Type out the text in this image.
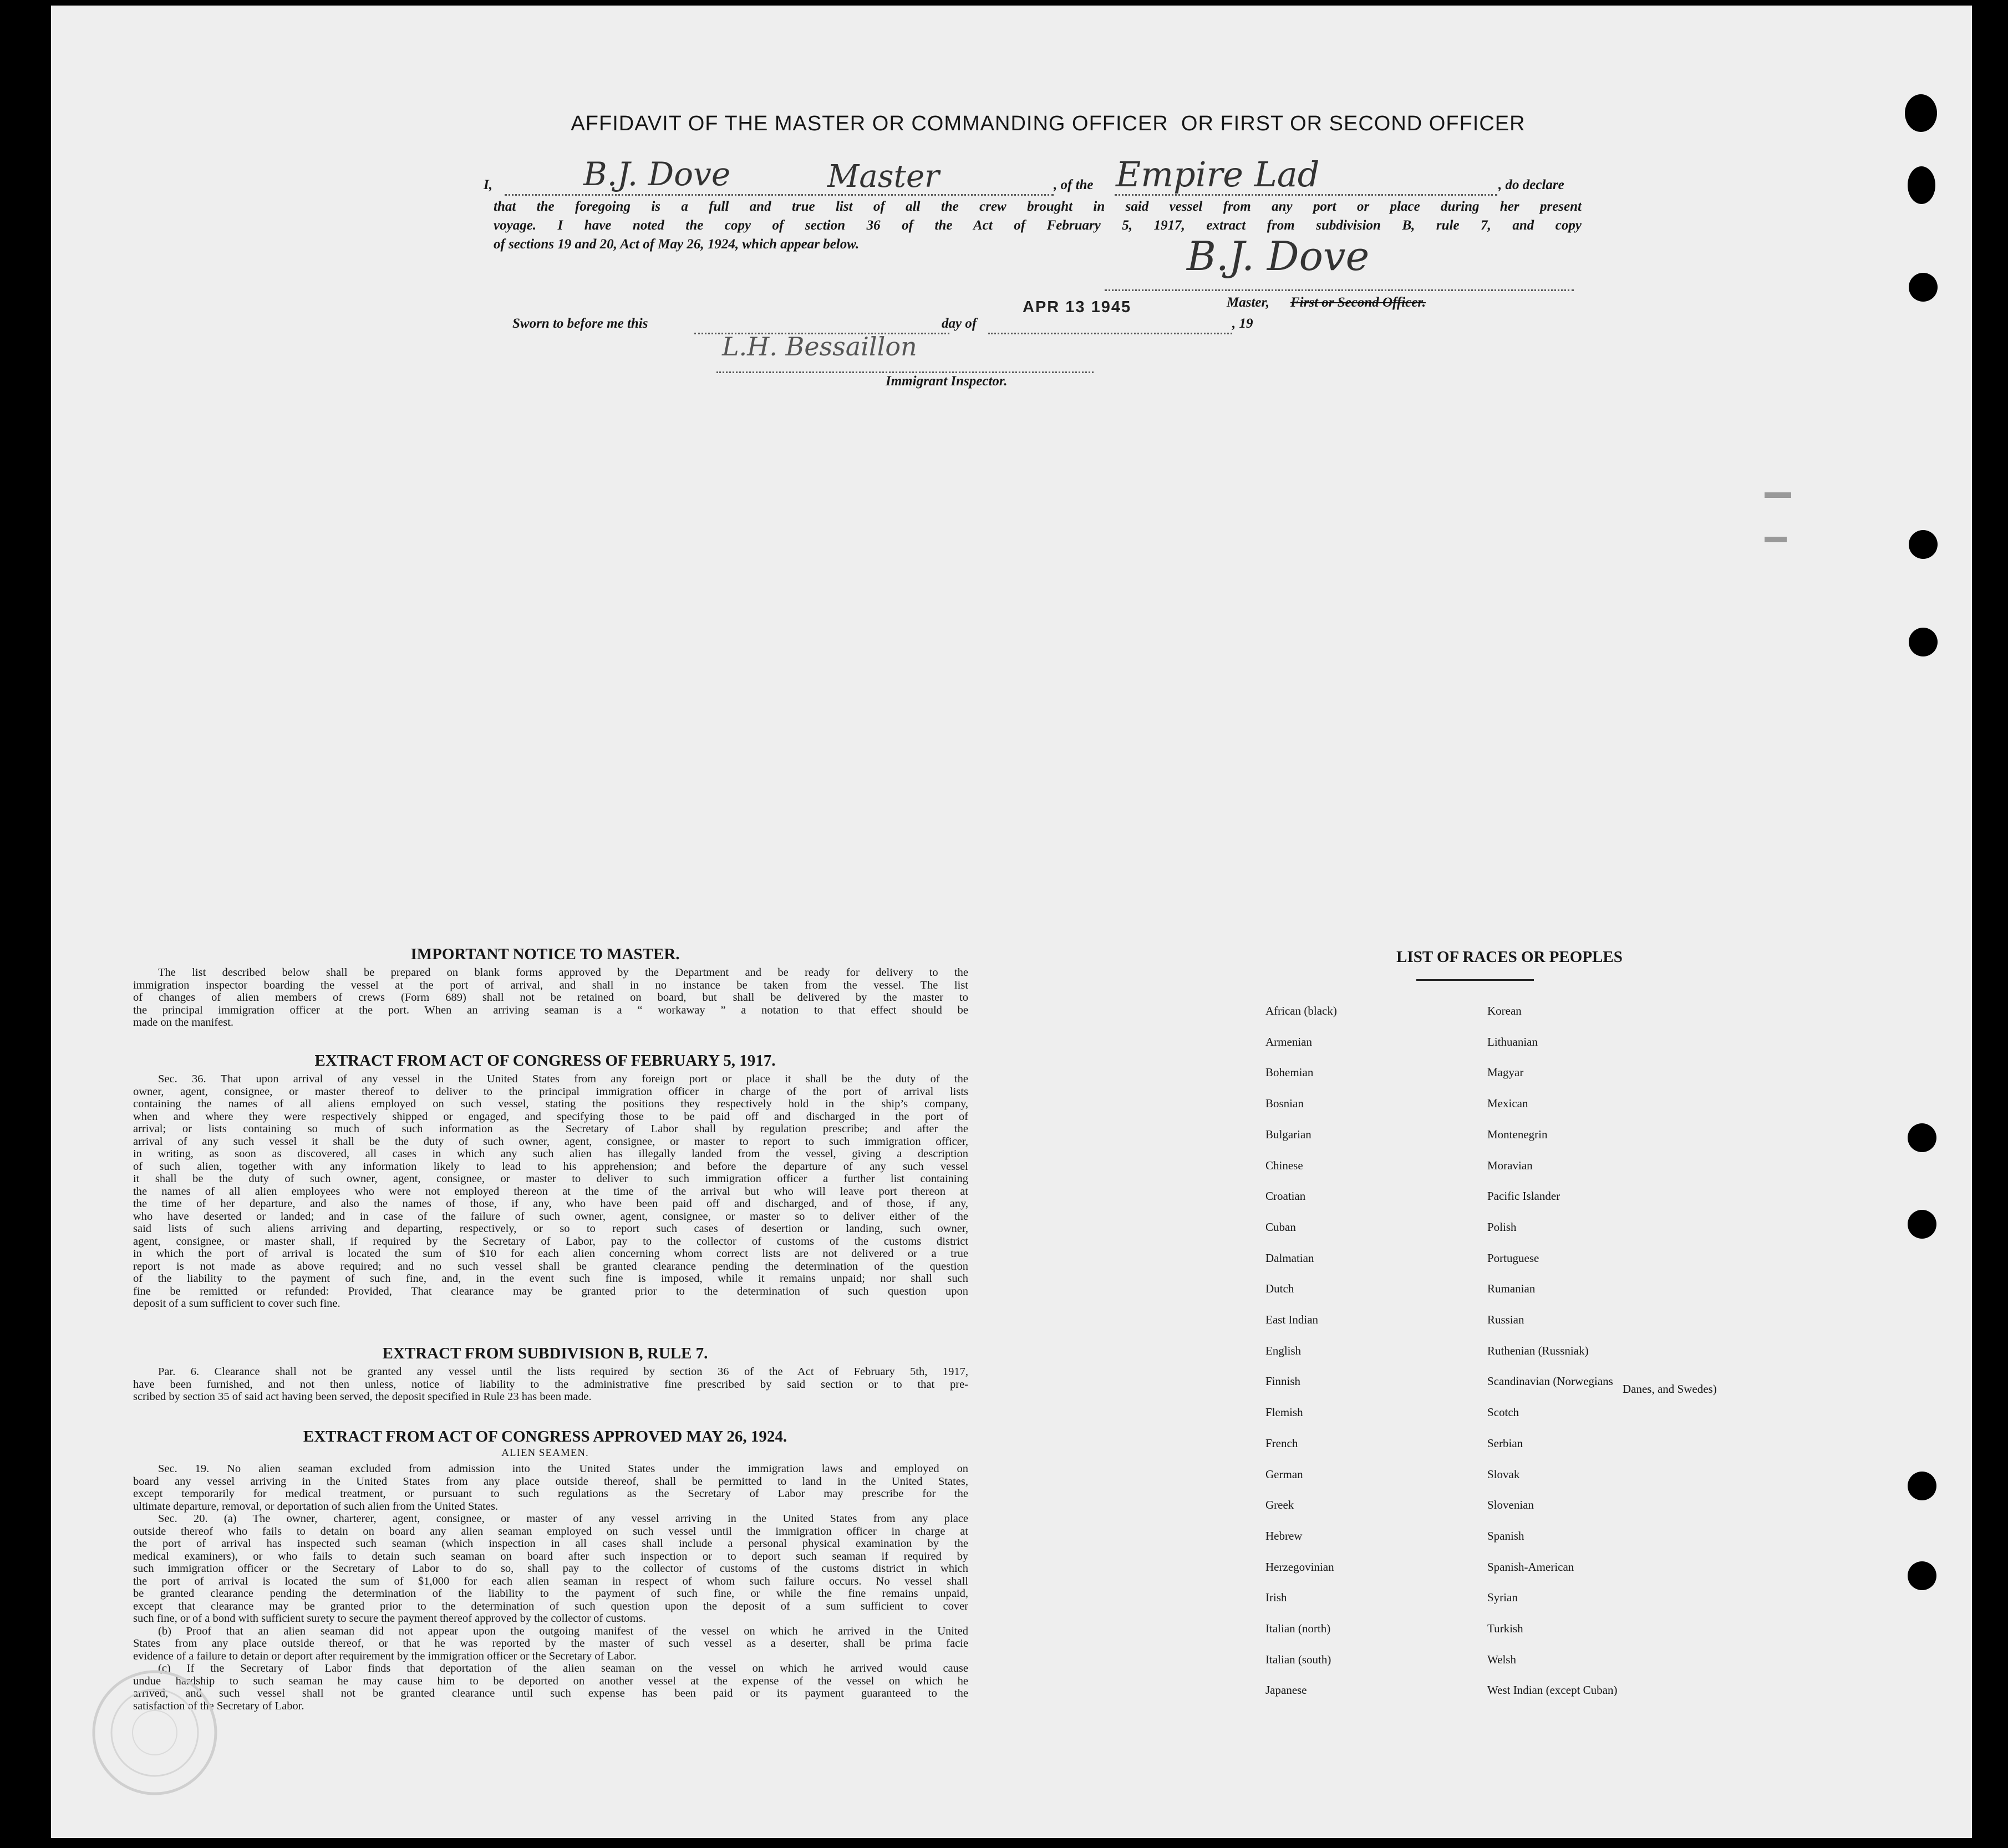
AFFIDAVIT OF THE MASTER OR COMMANDING OFFICER  OR FIRST OR SECOND OFFICER
I,	B.J. Dove	Master	, of the Empire Lad	, do declare
that the foregoing is a full and true list of all the crew brought in said vessel from any port or place during her present
voyage. I have noted the copy of section 36 of the Act of February 5, 1917, extract from subdivision B, rule 7, and copy
of sections 19 and 20, Act of May 26, 1924, which appear below.	B.J. Dove
Master, First or Second Officer.
Sworn to before me this	day of
APR 13 1945
, 19
L.H. Bessaillon
Immigrant Inspector.
IMPORTANT NOTICE TO MASTER.
The list described below shall be prepared on blank forms approved by the Department and be ready for delivery to the
immigration inspector boarding the vessel at the port of arrival, and shall in no instance be taken from the vessel. The list
of changes of alien members of crews (Form 689) shall not be retained on board, but shall be delivered by the master to
the principal immigration officer at the port. When an arriving seaman is a “ workaway ” a notation to that effect should be
made on the manifest.
EXTRACT FROM ACT OF CONGRESS OF FEBRUARY 5, 1917.
Sec. 36. That upon arrival of any vessel in the United States from any foreign port or place it shall be the duty of the
owner, agent, consignee, or master thereof to deliver to the principal immigration officer in charge of the port of arrival lists
containing the names of all aliens employed on such vessel, stating the positions they respectively hold in the ship’s company,
when and where they were respectively shipped or engaged, and specifying those to be paid off and discharged in the port of
arrival; or lists containing so much of such information as the Secretary of Labor shall by regulation prescribe; and after the
arrival of any such vessel it shall be the duty of such owner, agent, consignee, or master to report to such immigration officer,
in writing, as soon as discovered, all cases in which any such alien has illegally landed from the vessel, giving a description
of such alien, together with any information likely to lead to his apprehension; and before the departure of any such vessel
it shall be the duty of such owner, agent, consignee, or master to deliver to such immigration officer a further list containing
the names of all alien employees who were not employed thereon at the time of the arrival but who will leave port thereon at
the time of her departure, and also the names of those, if any, who have been paid off and discharged, and of those, if any,
who have deserted or landed; and in case of the failure of such owner, agent, consignee, or master so to deliver either of the
said lists of such aliens arriving and departing, respectively, or so to report such cases of desertion or landing, such owner,
agent, consignee, or master shall, if required by the Secretary of Labor, pay to the collector of customs of the customs district
in which the port of arrival is located the sum of $10 for each alien concerning whom correct lists are not delivered or a true
report is not made as above required; and no such vessel shall be granted clearance pending the determination of the question
of the liability to the payment of such fine, and, in the event such fine is imposed, while it remains unpaid; nor shall such
fine be remitted or refunded: Provided, That clearance may be granted prior to the determination of such question upon
deposit of a sum sufficient to cover such fine.
EXTRACT FROM SUBDIVISION B, RULE 7.
Par. 6. Clearance shall not be granted any vessel until the lists required by section 36 of the Act of February 5th, 1917,
have been furnished, and not then unless, notice of liability to the administrative fine prescribed by said section or to that pre-
scribed by section 35 of said act having been served, the deposit specified in Rule 23 has been made.
EXTRACT FROM ACT OF CONGRESS APPROVED MAY 26, 1924.
ALIEN SEAMEN.
Sec. 19. No alien seaman excluded from admission into the United States under the immigration laws and employed on
board any vessel arriving in the United States from any place outside thereof, shall be permitted to land in the United States,
except temporarily for medical treatment, or pursuant to such regulations as the Secretary of Labor may prescribe for the
ultimate departure, removal, or deportation of such alien from the United States.
Sec. 20. (a) The owner, charterer, agent, consignee, or master of any vessel arriving in the United States from any place
outside thereof who fails to detain on board any alien seaman employed on such vessel until the immigration officer in charge at
the port of arrival has inspected such seaman (which inspection in all cases shall include a personal physical examination by the
medical examiners), or who fails to detain such seaman on board after such inspection or to deport such seaman if required by
such immigration officer or the Secretary of Labor to do so, shall pay to the collector of customs of the customs district in which
the port of arrival is located the sum of $1,000 for each alien seaman in respect of whom such failure occurs. No vessel shall
be granted clearance pending the determination of the liability to the payment of such fine, or while the fine remains unpaid,
except that clearance may be granted prior to the determination of such question upon the deposit of a sum sufficient to cover
such fine, or of a bond with sufficient surety to secure the payment thereof approved by the collector of customs.
(b) Proof that an alien seaman did not appear upon the outgoing manifest of the vessel on which he arrived in the United
States from any place outside thereof, or that he was reported by the master of such vessel as a deserter, shall be prima facie
evidence of a failure to detain or deport after requirement by the immigration officer or the Secretary of Labor.
(c) If the Secretary of Labor finds that deportation of the alien seaman on the vessel on which he arrived would cause
undue hardship to such seaman he may cause him to be deported on another vessel at the expense of the vessel on which he
arrived, and such vessel shall not be granted clearance until such expense has been paid or its payment guaranteed to the
satisfaction of the Secretary of Labor.
LIST OF RACES OR PEOPLES
Danes, and Swedes)
African (black)
Armenian
Bohemian
Bosnian
Bulgarian
Chinese
Croatian
Cuban
Dalmatian
Dutch
East Indian
English
Finnish
Flemish
French
German
Greek
Hebrew
Herzegovinian
Irish
Italian (north)
Italian (south)
Japanese
Korean
Lithuanian
Magyar
Mexican
Montenegrin
Moravian
Pacific Islander
Polish
Portuguese
Rumanian
Russian
Ruthenian (Russniak)
Scandinavian (Norwegians
Scotch
Serbian
Slovak
Slovenian
Spanish
Spanish-American
Syrian
Turkish
Welsh
West Indian (except Cuban)
